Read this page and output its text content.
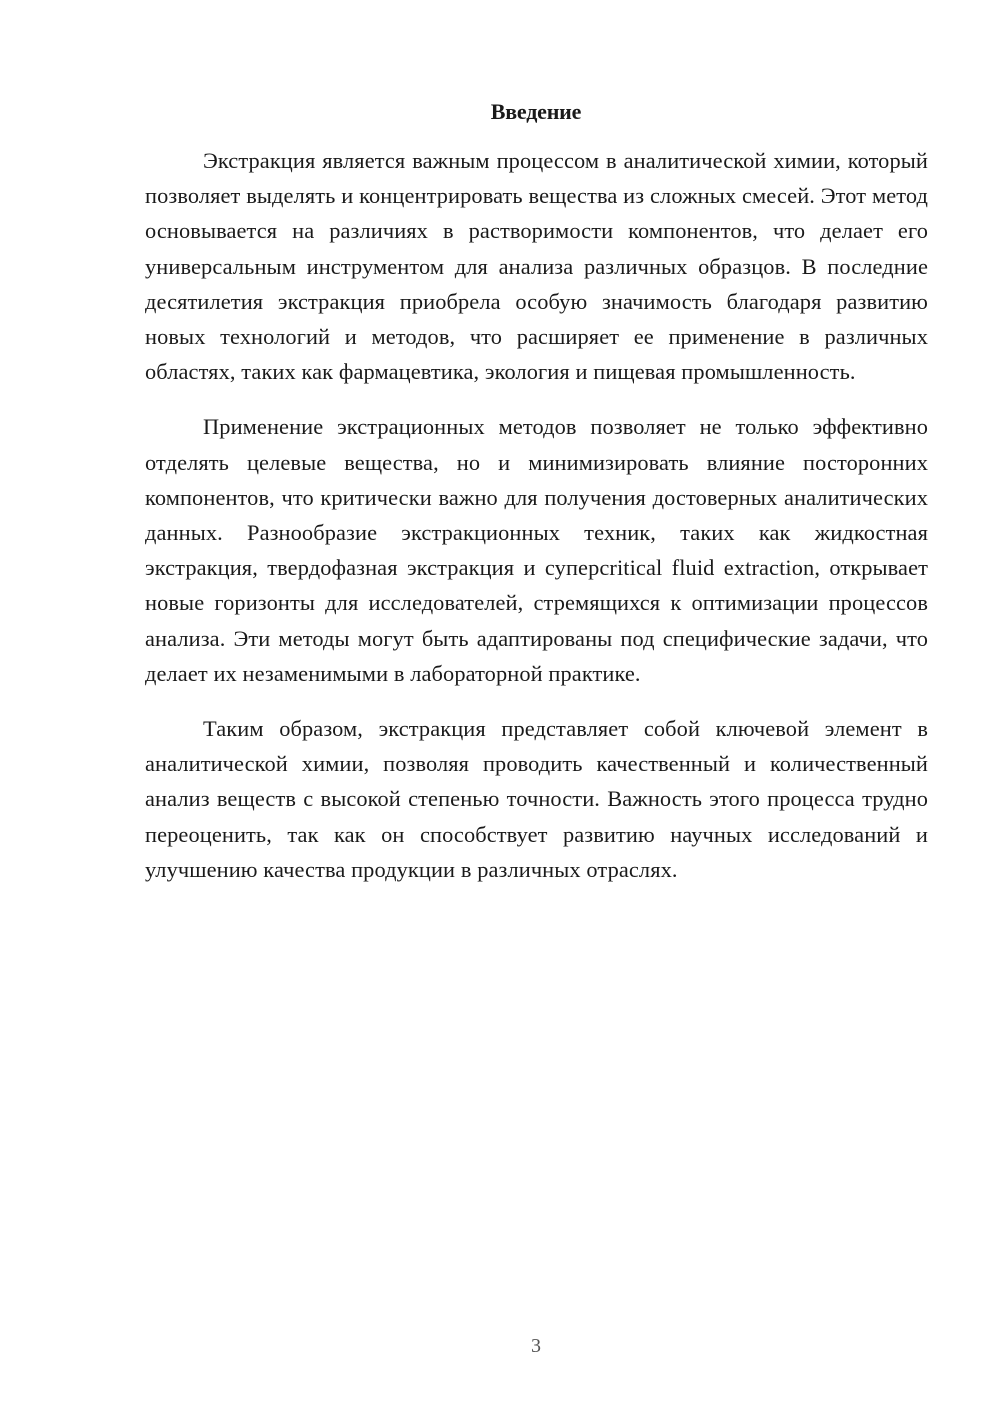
Введение

Экстракция является важным процессом в аналитической химии, который позволяет выделять и концентрировать вещества из сложных смесей. Этот метод основывается на различиях в растворимости компонентов, что делает его универсальным инструментом для анализа различных образцов. В последние десятилетия экстракция приобрела особую значимость благодаря развитию новых технологий и методов, что расширяет ее применение в различных областях, таких как фармацевтика, экология и пищевая промышленность.

Применение экстрационных методов позволяет не только эффективно отделять целевые вещества, но и минимизировать влияние посторонних компонентов, что критически важно для получения достоверных аналитических данных. Разнообразие экстракционных техник, таких как жидкостная экстракция, твердофазная экстракция и суперcritical fluid extraction, открывает новые горизонты для исследователей, стремящихся к оптимизации процессов анализа. Эти методы могут быть адаптированы под специфические задачи, что делает их незаменимыми в лабораторной практике.

Таким образом, экстракция представляет собой ключевой элемент в аналитической химии, позволяя проводить качественный и количественный анализ веществ с высокой степенью точности. Важность этого процесса трудно переоценить, так как он способствует развитию научных исследований и улучшению качества продукции в различных отраслях.

3
